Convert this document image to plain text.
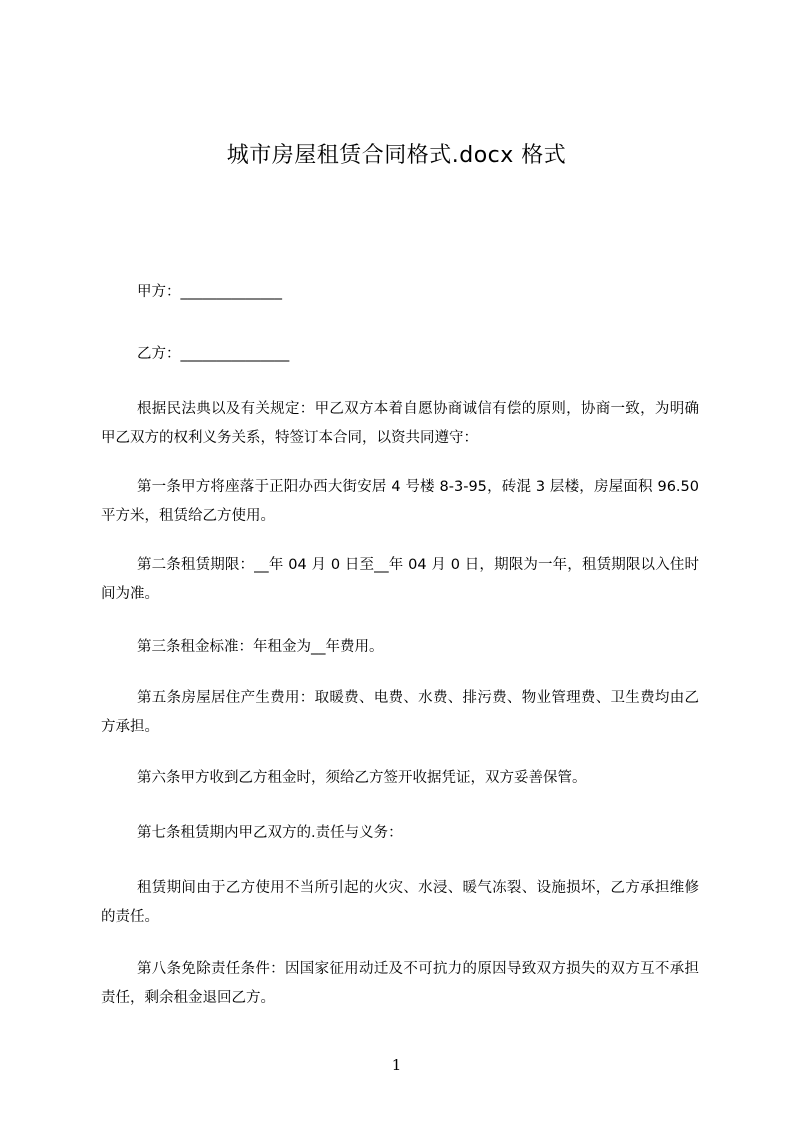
城市房屋租赁合同格式.docx 格式

甲方：______________

乙方：_______________

根据民法典以及有关规定：甲乙双方本着自愿协商诚信有偿的原则，协商一致，为明确甲乙双方的权利义务关系，特签订本合同，以资共同遵守：

第一条甲方将座落于正阳办西大街安居 4 号楼 8-3-95，砖混 3 层楼，房屋面积 96.50 平方米，租赁给乙方使用。

第二条租赁期限：__年 04 月 0 日至__年 04 月 0 日，期限为一年，租赁期限以入住时间为准。

第三条租金标准：年租金为__年费用。

第五条房屋居住产生费用：取暖费、电费、水费、排污费、物业管理费、卫生费均由乙方承担。

第六条甲方收到乙方租金时，须给乙方签开收据凭证，双方妥善保管。

第七条租赁期内甲乙双方的.责任与义务：

租赁期间由于乙方使用不当所引起的火灾、水浸、暖气冻裂、设施损坏，乙方承担维修的责任。

第八条免除责任条件：因国家征用动迁及不可抗力的原因导致双方损失的双方互不承担责任，剩余租金退回乙方。

1
